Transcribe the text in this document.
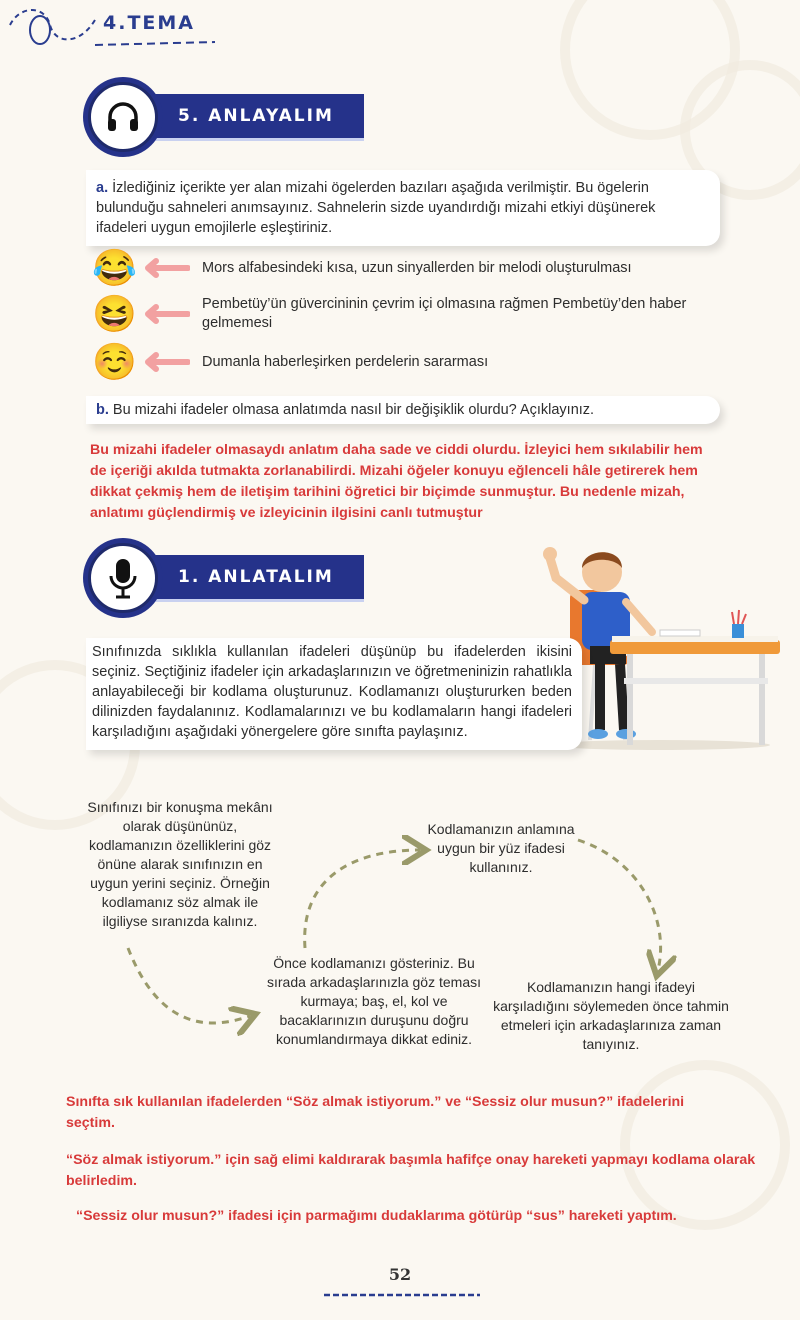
4.TEMA
5. ANLAYALIM
a. İzlediğiniz içerikte yer alan mizahi ögelerden bazıları aşağıda verilmiştir. Bu ögelerin bulunduğu sahneleri anımsayınız. Sahnelerin sizde uyandırdığı mizahi etkiyi düşünerek ifadeleri uygun emojilerle eşleştiriniz.
😂	Mors alfabesindeki kısa, uzun sinyallerden bir melodi oluşturulması
😆	Pembetüy’ün güvercininin çevrim içi olmasına rağmen Pembetüy’den haber gelmemesi
☺️	Dumanla haberleşirken perdelerin sararması
b. Bu mizahi ifadeler olmasa anlatımda nasıl bir değişiklik olurdu? Açıklayınız.
Bu mizahi ifadeler olmasaydı anlatım daha sade ve ciddi olurdu. İzleyici hem sıkılabilir hem de içeriği akılda tutmakta zorlanabilirdi. Mizahi öğeler konuyu eğlenceli hâle getirerek hem dikkat çekmiş hem de iletişim tarihini öğretici bir biçimde sunmuştur. Bu nedenle mizah, anlatımı güçlendirmiş ve izleyicinin ilgisini canlı tutmuştur
1. ANLATALIM
Sınıfınızda sıklıkla kullanılan ifadeleri düşünüp bu ifadelerden ikisini seçiniz. Seçtiğiniz ifadeler için arkadaşlarınızın ve öğretmeninizin rahatlıkla anlayabileceği bir kodlama oluşturunuz. Kodlamanızı oluştururken beden dilinizden faydalanınız. Kodlamalarınızı ve bu kodlamaların hangi ifadeleri karşıladığını aşağıdaki yönergelere göre sınıfta paylaşınız.
Sınıfınızı bir konuşma mekânı olarak düşününüz, kodlamanızın özelliklerini göz önüne alarak sınıfınızın en uygun yerini seçiniz. Örneğin kodlamanız söz almak ile ilgiliyse sıranızda kalınız.
Önce kodlamanızı gösteriniz. Bu sırada arkadaşlarınızla göz teması kurmaya; baş, el, kol ve bacaklarınızın duruşunu doğru konumlandırmaya dikkat ediniz.
Kodlamanızın anlamına uygun bir yüz ifadesi kullanınız.
Kodlamanızın hangi ifadeyi karşıladığını söylemeden önce tahmin etmeleri için arkadaşlarınıza zaman tanıyınız.
Sınıfta sık kullanılan ifadelerden “Söz almak istiyorum.” ve “Sessiz olur musun?” ifadelerini seçtim.
“Söz almak istiyorum.” için sağ elimi kaldırarak başımla hafifçe onay hareketi yapmayı kodlama olarak belirledim.
“Sessiz olur musun?” ifadesi için parmağımı dudaklarıma götürüp “sus” hareketi yaptım.
52
